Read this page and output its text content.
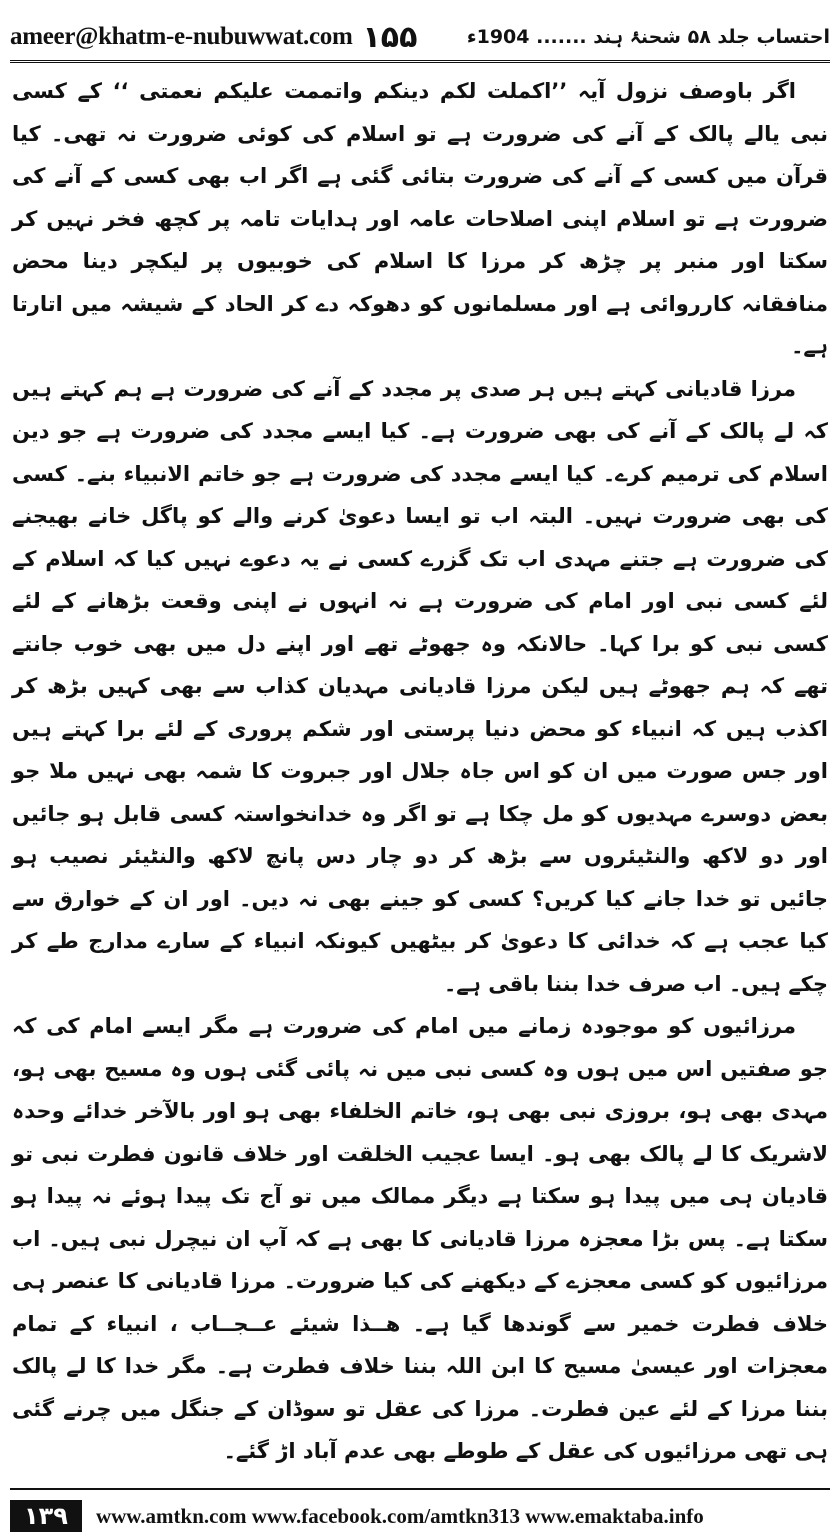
ameer@khatm-e-nubuwwat.com ۱۵۵	احتساب جلد ۵۸ شحنۂ ہند ....... 1904ء

اگر باوصف نزول آیہ ’’اکملت لکم دینکم واتممت علیکم نعمتی ‘‘ کے کسی نبی یالے پالک کے آنے کی ضرورت ہے تو اسلام کی کوئی ضرورت نہ تھی۔ کیا قرآن میں کسی کے آنے کی ضرورت بتائی گئی ہے اگر اب بھی کسی کے آنے کی ضرورت ہے تو اسلام اپنی اصلاحات عامہ اور ہدایات تامہ پر کچھ فخر نہیں کر سکتا اور منبر پر چڑھ کر مرزا کا اسلام کی خوبیوں پر لیکچر دینا محض منافقانہ کارروائی ہے اور مسلمانوں کو دھوکہ دے کر الحاد کے شیشہ میں اتارتا ہے۔

مرزا قادیانی کہتے ہیں ہر صدی پر مجدد کے آنے کی ضرورت ہے ہم کہتے ہیں کہ لے پالک کے آنے کی بھی ضرورت ہے۔ کیا ایسے مجدد کی ضرورت ہے جو دین اسلام کی ترمیم کرے۔ کیا ایسے مجدد کی ضرورت ہے جو خاتم الانبیاء بنے۔ کسی کی بھی ضرورت نہیں۔ البتہ اب تو ایسا دعویٰ کرنے والے کو پاگل خانے بھیجنے کی ضرورت ہے جتنے مہدی اب تک گزرے کسی نے یہ دعوے نہیں کیا کہ اسلام کے لئے کسی نبی اور امام کی ضرورت ہے نہ انہوں نے اپنی وقعت بڑھانے کے لئے کسی نبی کو برا کہا۔ حالانکہ وہ جھوٹے تھے اور اپنے دل میں بھی خوب جانتے تھے کہ ہم جھوٹے ہیں لیکن مرزا قادیانی مہدیان کذاب سے بھی کہیں بڑھ کر اکذب ہیں کہ انبیاء کو محض دنیا پرستی اور شکم پروری کے لئے برا کہتے ہیں اور جس صورت میں ان کو اس جاہ جلال اور جبروت کا شمہ بھی نہیں ملا جو بعض دوسرے مہدیوں کو مل چکا ہے تو اگر وہ خدانخواستہ کسی قابل ہو جائیں اور دو لاکھ والنٹیئروں سے بڑھ کر دو چار دس پانچ لاکھ والنٹیئر نصیب ہو جائیں تو خدا جانے کیا کریں؟ کسی کو جینے بھی نہ دیں۔ اور ان کے خوارق سے کیا عجب ہے کہ خدائی کا دعویٰ کر بیٹھیں کیونکہ انبیاء کے سارے مدارج طے کر چکے ہیں۔ اب صرف خدا بننا باقی ہے۔

مرزائیوں کو موجودہ زمانے میں امام کی ضرورت ہے مگر ایسے امام کی کہ جو صفتیں اس میں ہوں وہ کسی نبی میں نہ پائی گئی ہوں وہ مسیح بھی ہو، مہدی بھی ہو، بروزی نبی بھی ہو، خاتم الخلفاء بھی ہو اور بالآخر خدائے وحدہ لاشریک کا لے پالک بھی ہو۔ ایسا عجیب الخلقت اور خلاف قانون فطرت نبی تو قادیان ہی میں پیدا ہو سکتا ہے دیگر ممالک میں تو آج تک پیدا ہوئے نہ پیدا ہو سکتا ہے۔ پس بڑا معجزہ مرزا قادیانی کا بھی ہے کہ آپ ان نیچرل نبی ہیں۔ اب مرزائیوں کو کسی معجزے کے دیکھنے کی کیا ضرورت۔ مرزا قادیانی کا عنصر ہی خلاف فطرت خمیر سے گوندھا گیا ہے۔ ھــذا شیئے عــجــاب ، انبیاء کے تمام معجزات اور عیسیٰ مسیح کا ابن اللہ بننا خلاف فطرت ہے۔ مگر خدا کا لے پالک بننا مرزا کے لئے عین فطرت۔ مرزا کی عقل تو سوڈان کے جنگل میں چرنے گئی ہی تھی مرزائیوں کی عقل کے طوطے بھی عدم آباد اڑ گئے۔

۱۳۹	www.amtkn.com www.facebook.com/amtkn313 www.emaktaba.info
